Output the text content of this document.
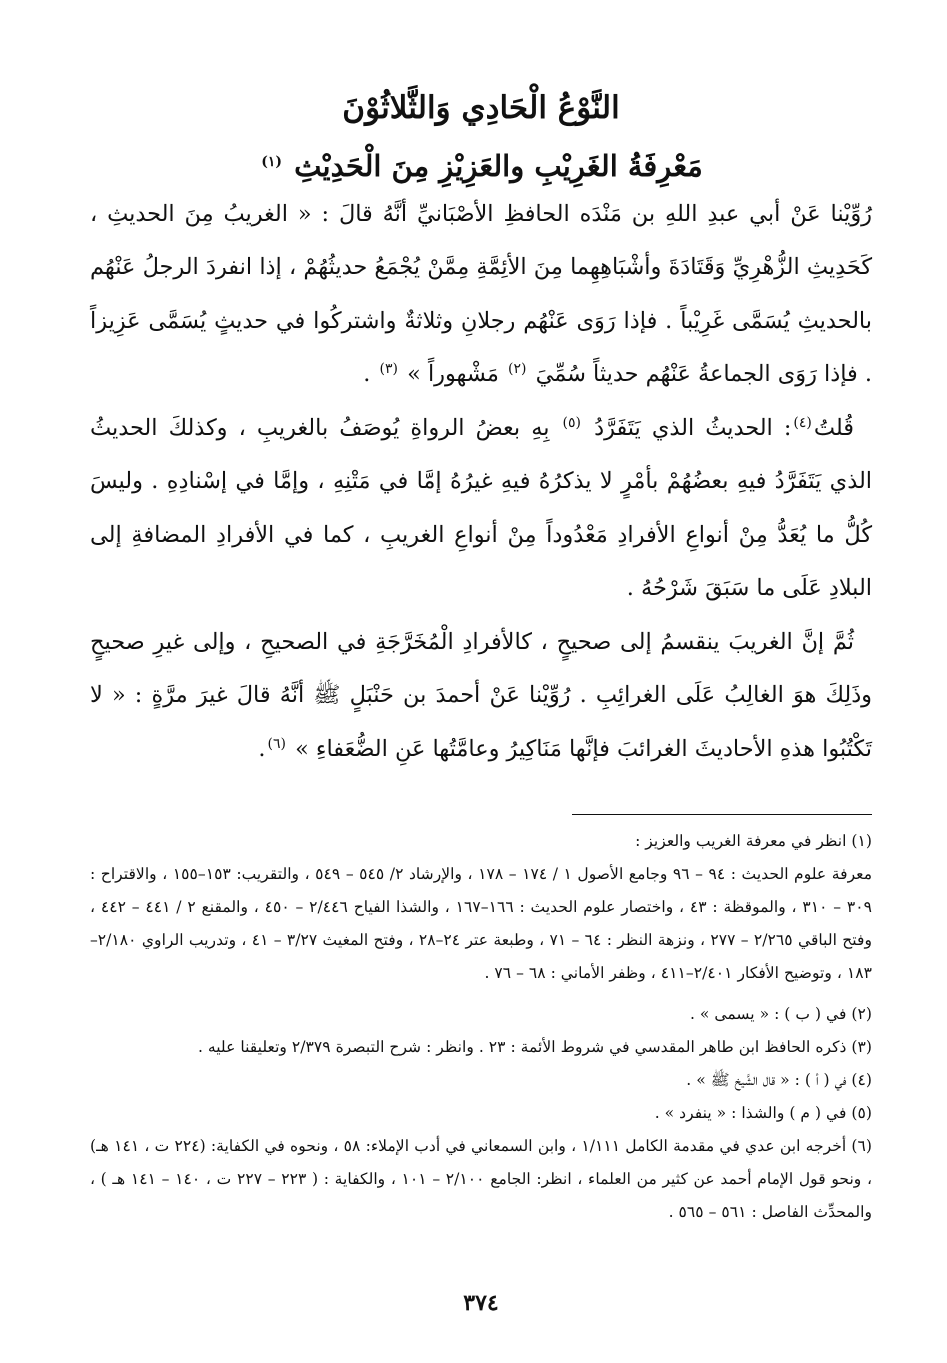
النَّوْعُ الْحَادِي وَالثَّلاثُوْنَ
مَعْرِفَةُ الغَرِيْبِ والعَزِيْزِ مِنَ الْحَدِيْثِ $^{(١)}$

رُوِّيْنا عَنْ أبي عبدِ اللهِ بن مَنْدَه الحافظِ الأصْبَانيِّ أنَّهُ قالَ : « الغريبُ مِنَ الحديثِ ، كَحَدِيثِ الزُّهْرِيِّ وَقَتَادَةَ وأشْبَاهِهِما مِنَ الأئِمَّةِ مِمَّنْ يُجْمَعُ حديثُهُمْ ، إذا انفردَ الرجلُ عَنْهُم بالحديثِ يُسَمَّى غَرِيْباً . فإذا رَوَى عَنْهُم رجلانِ وثلاثةٌ واشتركُوا في حديثٍ يُسَمَّى عَزِيزاً . فإذا رَوَى الجماعةُ عَنْهُم حديثاً سُمِّيَ $^{(٢)}$ مَشْهوراً » $^{(٣)}$ .

قُلتُ$^{(٤)}$: الحديثُ الذي يَتَفَرَّدُ $^{(٥)}$ بِهِ بعضُ الرواةِ يُوصَفُ بالغريبِ ، وكذلكَ الحديثُ الذي يَتَفَرَّدُ فيهِ بعضُهُمْ بأمْرٍ لا يذكرُهُ فيهِ غيرُهُ إمَّا في مَتْنِهِ ، وإمَّا في إسْنادِهِ . وليسَ كُلُّ ما يُعَدُّ مِنْ أنواعِ الأفرادِ مَعْدُوداً مِنْ أنواعِ الغريبِ ، كما في الأفرادِ المضافةِ إلى البلادِ عَلَى ما سَبَقَ شَرْحُهُ .

ثُمَّ إنَّ الغريبَ ينقسمُ إلى صحيحٍ ، كالأفرادِ الْمُخَرَّجَةِ في الصحيحِ ، وإلى غيرِ صحيحٍ وذَلِكَ هوَ الغالِبُ عَلَى الغرائِبِ . رُوِّيْنا عَنْ أحمدَ بن حَنْبَلٍ ﷺ أنَّهُ قالَ غيرَ مرَّةٍ : « لا تَكْتُبُوا هذهِ الأحاديثَ الغرائبَ فإنَّها مَنَاكِيرُ وعامَّتُها عَنِ الضُّعَفاءِ » $^{(٦)}$.

(١) انظر في معرفة الغريب والعزيز :

معرفة علوم الحديث : ٩٤ – ٩٦ وجامع الأصول ١ / ١٧٤ – ١٧٨ ، والإرشاد ٢/ ٥٤٥ – ٥٤٩ ، والتقريب: ١٥٣–١٥٥ ، والاقتراح : ٣٠٩ – ٣١٠ ، والموقظة : ٤٣ ، واختصار علوم الحديث : ١٦٦–١٦٧ ، والشذا الفياح ٢/٤٤٦ – ٤٥٠ ، والمقنع ٢ / ٤٤١ – ٤٤٢ ، وفتح الباقي ٢/٢٦٥ – ٢٧٧ ، ونزهة النظر : ٦٤ – ٧١ ، وطبعة عتر ٢٤–٢٨ ، وفتح المغيث ٣/٢٧ – ٤١ ، وتدريب الراوي ٢/١٨٠–١٨٣ ، وتوضيح الأفكار ٢/٤٠١–٤١١ ، وظفر الأماني : ٦٨ – ٧٦ .

(٢) في ( ب ) : « يسمى » .

(٣) ذكره الحافظ ابن طاهر المقدسي في شروط الأئمة : ٢٣ . وانظر : شرح التبصرة ٢/٣٧٩ وتعليقنا عليه .

(٤) في ( أ ) : « قال الشَّيخ ﷺ » .

(٥) في ( م ) والشذا : « ينفرد » .

(٦) أخرجه ابن عدي في مقدمة الكامل ١/١١١ ، وابن السمعاني في أدب الإملاء: ٥٨ ، ونحوه في الكفاية: (٢٢٤ ت ، ١٤١ هـ) ، ونحو قول الإمام أحمد عن كثير من العلماء ، انظر: الجامع ٢/١٠٠ – ١٠١ ، والكفاية : ( ٢٢٣ – ٢٢٧ ت ، ١٤٠ – ١٤١ هـ ) ، والمحدِّث الفاصل : ٥٦١ – ٥٦٥ .

٣٧٤
